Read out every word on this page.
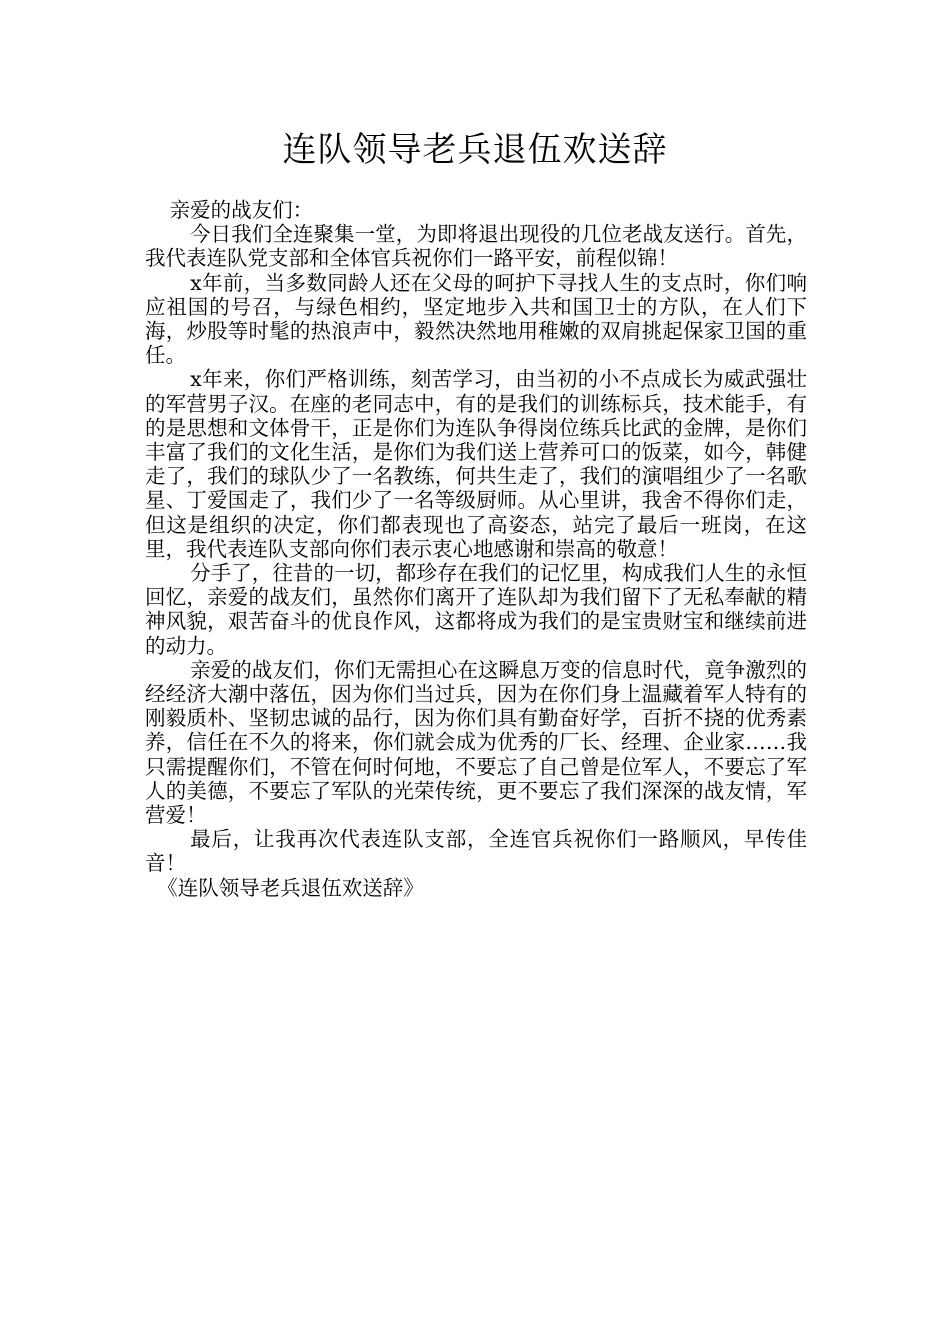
连队领导老兵退伍欢送辞

亲爱的战友们：

今日我们全连聚集一堂，为即将退出现役的几位老战友送行。首先，我代表连队党支部和全体官兵祝你们一路平安，前程似锦！

x年前，当多数同龄人还在父母的呵护下寻找人生的支点时，你们响应祖国的号召，与绿色相约，坚定地步入共和国卫士的方队，在人们下海，炒股等时髦的热浪声中，毅然决然地用稚嫩的双肩挑起保家卫国的重任。

x年来，你们严格训练，刻苦学习，由当初的小不点成长为威武强壮的军营男子汉。在座的老同志中，有的是我们的训练标兵，技术能手，有的是思想和文体骨干，正是你们为连队争得岗位练兵比武的金牌，是你们丰富了我们的文化生活，是你们为我们送上营养可口的饭菜，如今，韩健走了，我们的球队少了一名教练，何共生走了，我们的演唱组少了一名歌星、丁爱国走了，我们少了一名等级厨师。从心里讲，我舍不得你们走，但这是组织的决定，你们都表现也了高姿态，站完了最后一班岗，在这里，我代表连队支部向你们表示衷心地感谢和崇高的敬意！

分手了，往昔的一切，都珍存在我们的记忆里，构成我们人生的永恒回忆，亲爱的战友们，虽然你们离开了连队却为我们留下了无私奉献的精神风貌，艰苦奋斗的优良作风，这都将成为我们的是宝贵财宝和继续前进的动力。

亲爱的战友们，你们无需担心在这瞬息万变的信息时代，竟争激烈的经经济大潮中落伍，因为你们当过兵，因为在你们身上温藏着军人特有的刚毅质朴、坚韧忠诚的品行，因为你们具有勤奋好学，百折不挠的优秀素养，信任在不久的将来，你们就会成为优秀的厂长、经理、企业家……我只需提醒你们，不管在何时何地，不要忘了自己曾是位军人，不要忘了军人的美德，不要忘了军队的光荣传统，更不要忘了我们深深的战友情，军营爱！

最后，让我再次代表连队支部，全连官兵祝你们一路顺风，早传佳音！

《连队领导老兵退伍欢送辞》
